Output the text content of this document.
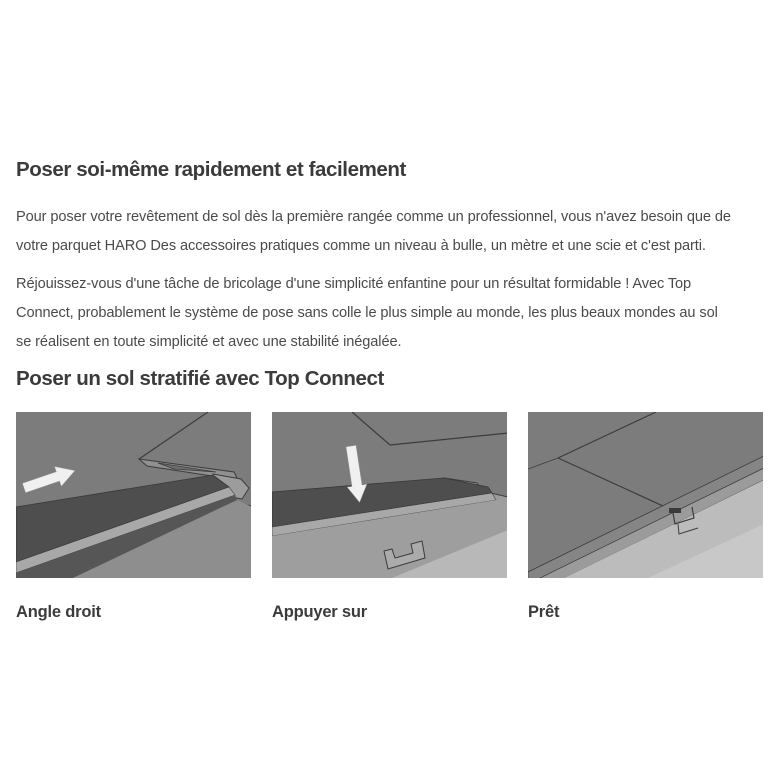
Poser soi-même rapidement et facilement

Pour poser votre revêtement de sol dès la première rangée comme un professionnel, vous n'avez besoin que de
votre parquet HARO Des accessoires pratiques comme un niveau à bulle, un mètre et une scie et c'est parti.

Réjouissez-vous d'une tâche de bricolage d'une simplicité enfantine pour un résultat formidable ! Avec Top
Connect, probablement le système de pose sans colle le plus simple au monde, les plus beaux mondes au sol
se réalisent en toute simplicité et avec une stabilité inégalée.

Poser un sol stratifié avec Top Connect
Angle droit	Appuyer sur	Prêt
